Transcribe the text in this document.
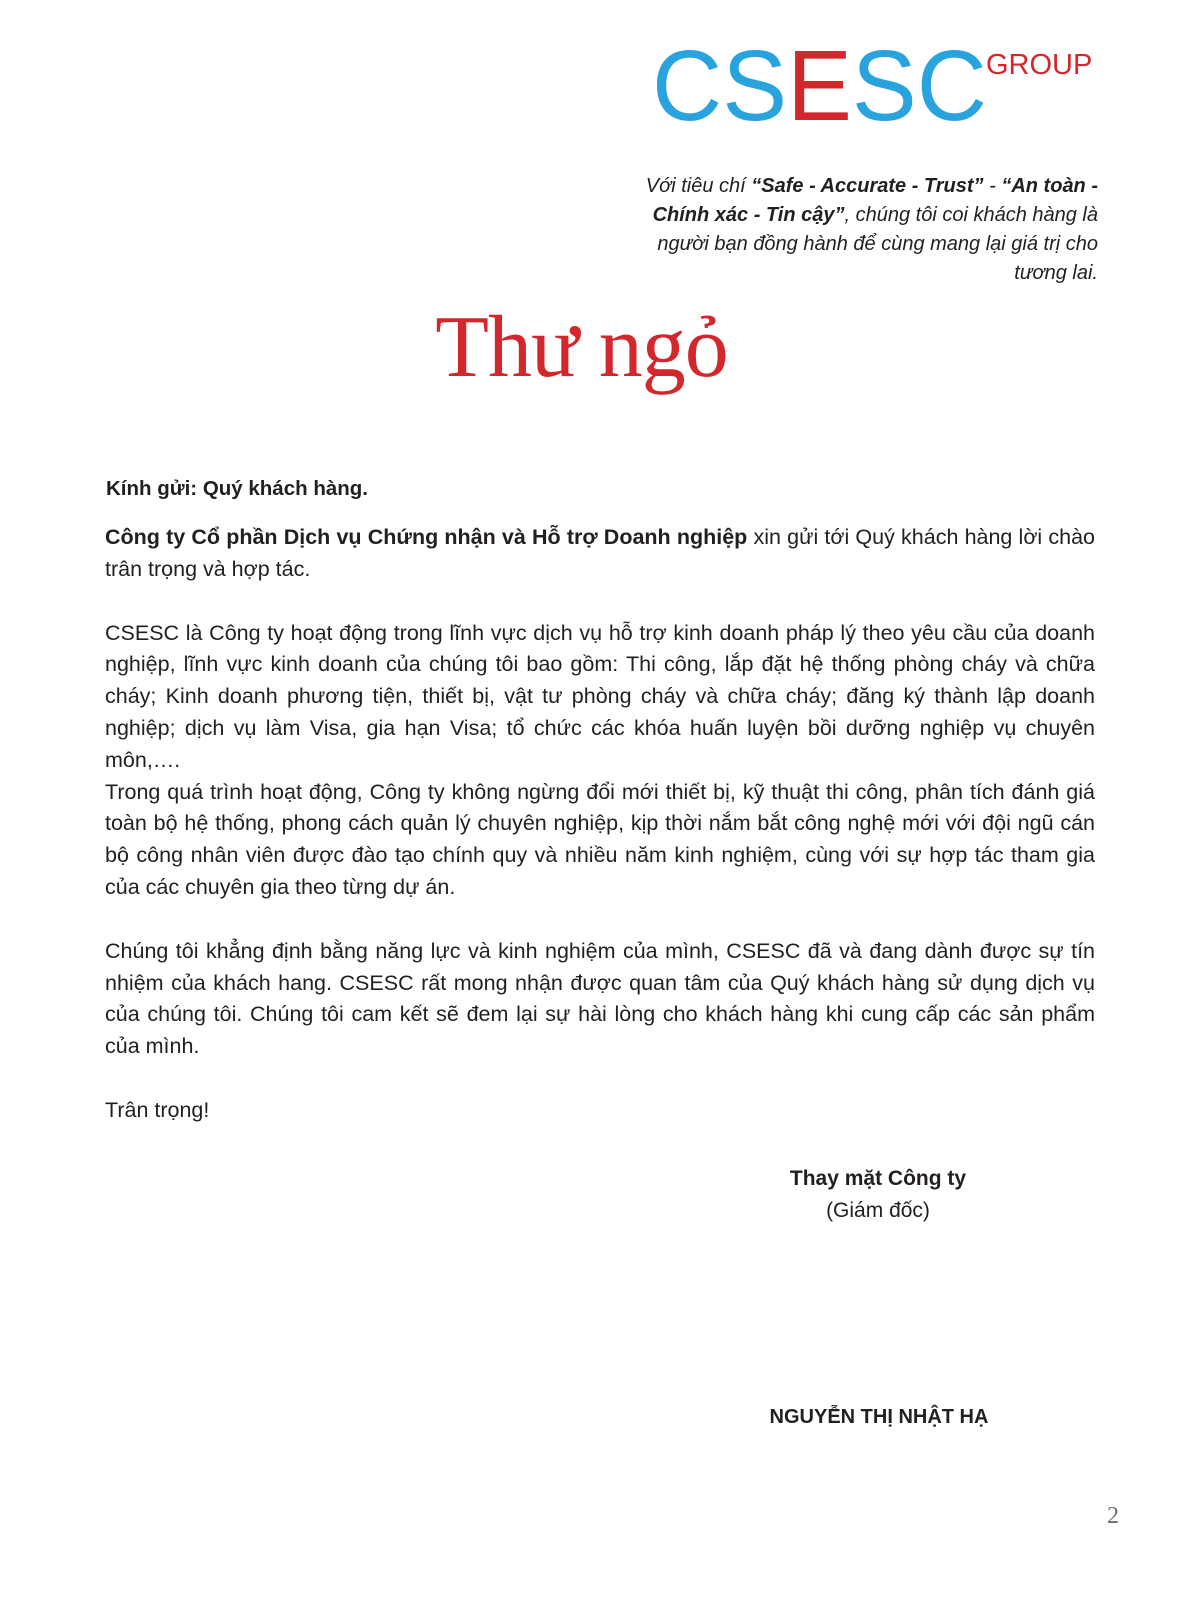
CSESC
GROUP
Với tiêu chí “Safe - Accurate - Trust” - “An toàn - Chính xác - Tin cậy”, chúng tôi coi khách hàng là người bạn đồng hành để cùng mang lại giá trị cho tương lai.
Thư ngỏ
Kính gửi: Quý khách hàng.

Công ty Cổ phần Dịch vụ Chứng nhận và Hỗ trợ Doanh nghiệp xin gửi tới Quý khách hàng lời chào trân trọng và hợp tác.

CSESC là Công ty hoạt động trong lĩnh vực dịch vụ hỗ trợ kinh doanh pháp lý theo yêu cầu của doanh nghiệp, lĩnh vực kinh doanh của chúng tôi bao gồm: Thi công, lắp đặt hệ thống phòng cháy và chữa cháy; Kinh doanh phương tiện, thiết bị, vật tư phòng cháy và chữa cháy; đăng ký thành lập doanh nghiệp; dịch vụ làm Visa, gia hạn Visa; tổ chức các khóa huấn luyện bồi dưỡng nghiệp vụ chuyên môn,….

Trong quá trình hoạt động, Công ty không ngừng đổi mới thiết bị, kỹ thuật thi công, phân tích đánh giá toàn bộ hệ thống, phong cách quản lý chuyên nghiệp, kịp thời nắm bắt công nghệ mới với đội ngũ cán bộ công nhân viên được đào tạo chính quy và nhiều năm kinh nghiệm, cùng với sự hợp tác tham gia của các chuyên gia theo từng dự án.

Chúng tôi khẳng định bằng năng lực và kinh nghiệm của mình, CSESC đã và đang dành được sự tín nhiệm của khách hang. CSESC rất mong nhận được quan tâm của Quý khách hàng sử dụng dịch vụ của chúng tôi. Chúng tôi cam kết sẽ đem lại sự hài lòng cho khách hàng khi cung cấp các sản phẩm của mình.

Trân trọng!

Thay mặt Công ty
(Giám đốc)
NGUYỄN THỊ NHẬT HẠ
2
